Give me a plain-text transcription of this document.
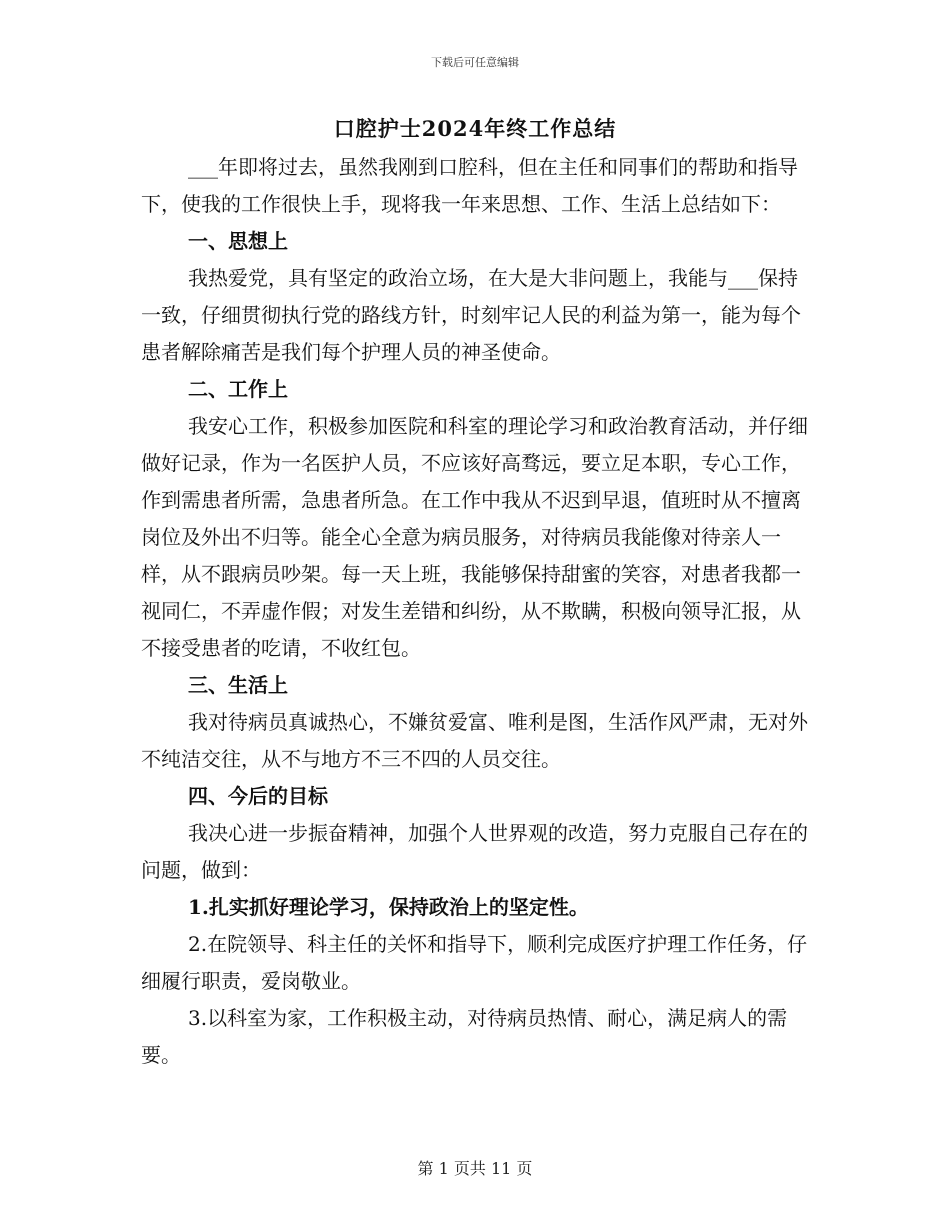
下载后可任意编辑
口腔护士2024年终工作总结

___年即将过去，虽然我刚到口腔科，但在主任和同事们的帮助和指导下，使我的工作很快上手，现将我一年来思想、工作、生活上总结如下：

一、思想上

我热爱党，具有坚定的政治立场，在大是大非问题上，我能与___保持一致，仔细贯彻执行党的路线方针，时刻牢记人民的利益为第一，能为每个患者解除痛苦是我们每个护理人员的神圣使命。

二、工作上

我安心工作，积极参加医院和科室的理论学习和政治教育活动，并仔细做好记录，作为一名医护人员，不应该好高骛远，要立足本职，专心工作，作到需患者所需，急患者所急。在工作中我从不迟到早退，值班时从不擅离岗位及外出不归等。能全心全意为病员服务，对待病员我能像对待亲人一样，从不跟病员吵架。每一天上班，我能够保持甜蜜的笑容，对患者我都一视同仁，不弄虚作假；对发生差错和纠纷，从不欺瞒，积极向领导汇报，从不接受患者的吃请，不收红包。

三、生活上

我对待病员真诚热心，不嫌贫爱富、唯利是图，生活作风严肃，无对外不纯洁交往，从不与地方不三不四的人员交往。

四、今后的目标

我决心进一步振奋精神，加强个人世界观的改造，努力克服自己存在的问题，做到：

1.扎实抓好理论学习，保持政治上的坚定性。

2.在院领导、科主任的关怀和指导下，顺利完成医疗护理工作任务，仔细履行职责，爱岗敬业。

3.以科室为家，工作积极主动，对待病员热情、耐心，满足病人的需要。

第 1 页共 11 页
